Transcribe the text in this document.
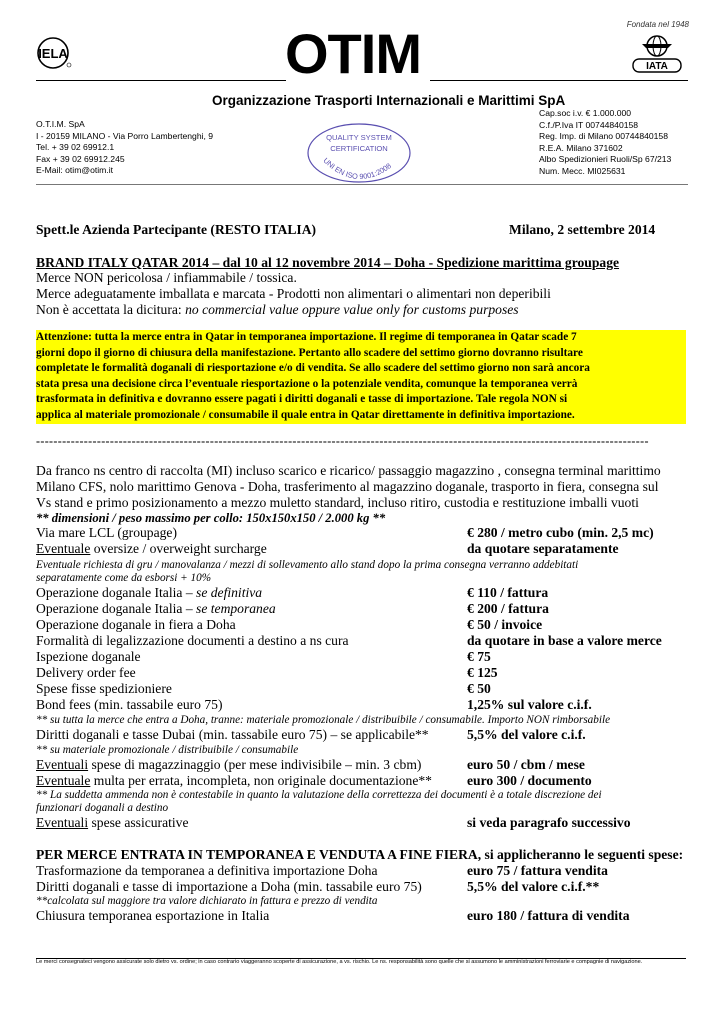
Fondata nel 1948
IELA
IATA
OTIM
Organizzazione Trasporti Internazionali e Marittimi SpA
O.T.I.M. SpA
I - 20159 MILANO - Via Porro Lambertenghi, 9
Tel. + 39 02 69912.1
Fax + 39 02 69912.245
E-Mail: otim@otim.it
QUALITY SYSTEM
CERTIFICATION
UNI EN ISO 9001:2008
Cap.soc i.v. € 1.000.000
C.f./P.Iva IT 00744840158
Reg. Imp. di Milano 00744840158
R.E.A. Milano 371602
Albo Spedizionieri Ruoli/Sp 67/213
Num. Mecc. MI025631
Spett.le Azienda Partecipante (RESTO ITALIA)	Milano, 2 settembre 2014
BRAND ITALY QATAR 2014 – dal 10 al 12 novembre 2014 – Doha - Spedizione marittima groupage
Merce NON pericolosa / infiammabile / tossica.
Merce adeguatamente imballata e marcata - Prodotti non alimentari o alimentari non deperibili
Non è accettata la dicitura: no commercial value oppure value only for customs purposes

Attenzione: tutta la merce entra in Qatar in temporanea importazione. Il regime di temporanea in Qatar scade 7

giorni dopo il giorno di chiusura della manifestazione. Pertanto allo scadere del settimo giorno dovranno risultare

completate le formalità doganali di riesportazione e/o di vendita. Se allo scadere del settimo giorno non sarà ancora

stata presa una decisione circa l’eventuale riesportazione o la potenziale vendita, comunque la temporanea verrà

trasformata in definitiva e dovranno essere pagati i diritti doganali e tasse di importazione. Tale regola NON si

applica al materiale promozionale / consumabile il quale entra in Qatar direttamente in definitiva importazione.

---------------------------------------------------------------------------------------------------------------------------------------------
Da franco ns centro di raccolta (MI) incluso scarico e ricarico/ passaggio magazzino , consegna terminal marittimo
Milano CFS, nolo marittimo Genova - Doha, trasferimento al magazzino doganale, trasporto in fiera, consegna sul
Vs stand e primo posizionamento a mezzo muletto standard, incluso ritiro, custodia e restituzione imballi vuoti
** dimensioni / peso massimo per collo: 150x150x150 / 2.000 kg **
Via mare LCL (groupage)	€ 280 / metro cubo (min. 2,5 mc)
Eventuale oversize / overweight surcharge	da quotare separatamente
Eventuale richiesta di gru / manovalanza / mezzi di sollevamento allo stand dopo la prima consegna verranno addebitati
separatamente come da esborsi + 10%
Operazione doganale Italia – se definitiva	€ 110 / fattura
Operazione doganale Italia – se temporanea	€ 200 / fattura
Operazione doganale in fiera a Doha	€ 50 / invoice
Formalità di legalizzazione documenti a destino a ns cura	da quotare in base a valore merce
Ispezione doganale	€ 75
Delivery order fee	€ 125
Spese fisse spedizioniere	€ 50
Bond fees (min. tassabile euro 75)	1,25% sul valore c.i.f.
** su tutta la merce che entra a Doha, tranne: materiale promozionale / distribuibile / consumabile. Importo NON rimborsabile
Diritti doganali e tasse Dubai (min. tassabile euro 75) – se applicabile**	5,5% del valore c.i.f.
** su materiale promozionale / distribuibile / consumabile
Eventuali spese di magazzinaggio (per mese indivisibile – min. 3 cbm)	euro 50 / cbm / mese
Eventuale multa per errata, incompleta, non originale documentazione**	euro 300 / documento
** La suddetta ammenda non è contestabile in quanto la valutazione della correttezza dei documenti è a totale discrezione dei
funzionari doganali a destino
Eventuali spese assicurative	si veda paragrafo successivo
PER MERCE ENTRATA IN TEMPORANEA E VENDUTA A FINE FIERA, si applicheranno le seguenti spese:
Trasformazione da temporanea a definitiva importazione Doha	euro 75 / fattura vendita
Diritti doganali e tasse di importazione a Doha (min. tassabile euro 75)	5,5% del valore c.i.f.**
**calcolata sul maggiore tra valore dichiarato in fattura e prezzo di vendita
Chiusura temporanea esportazione in Italia	euro 180 / fattura di vendita
Le merci consegnateci vengono assicurate solo dietro vs. ordine; in caso contrario viaggeranno scoperte di assicurazione, a vs. rischio. Le ns. responsabilità sono quelle che si assumono le amministrazioni ferroviarie e compagnie di navigazione.
